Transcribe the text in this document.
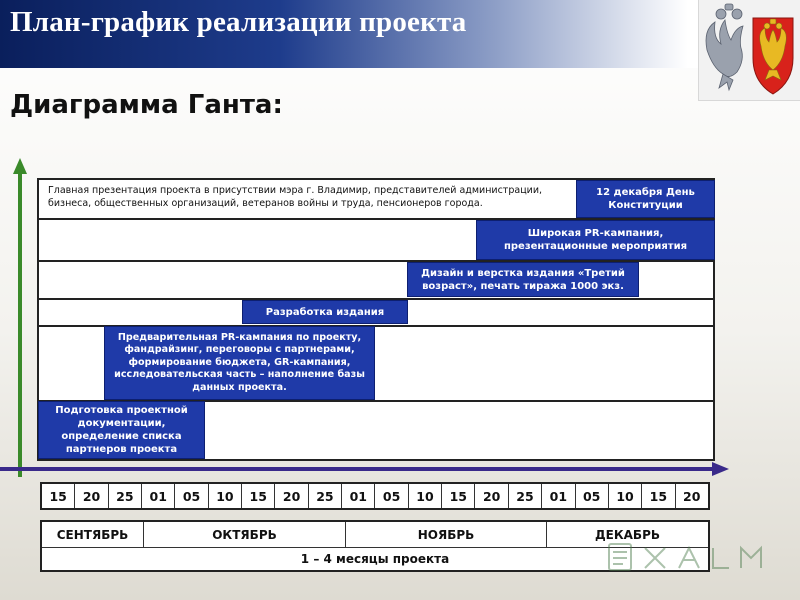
План-график реализации проекта
Диаграмма Ганта:
Главная презентация проекта в присутствии мэра г. Владимир, представителей администрации, бизнеса, общественных организаций, ветеранов войны и труда, пенсионеров города.
Подготовка проектной документации, определение списка партнеров проекта
Предварительная PR-кампания по проекту, фандрайзинг, переговоры с партнерами, формирование бюджета, GR-кампания, исследовательская часть – наполнение базы данных проекта.
Разработка издания
Дизайн и верстка издания «Третий возраст», печать тиража 1000 экз.
Широкая PR-кампания, презентационные мероприятия
12 декабря День Конституции
15	20	25	01	05	10	15	20	25	01	05	10	15	20	25	01	05	10	15	20
СЕНТЯБРЬ	ОКТЯБРЬ	НОЯБРЬ	ДЕКАБРЬ
1 – 4 месяцы проекта
